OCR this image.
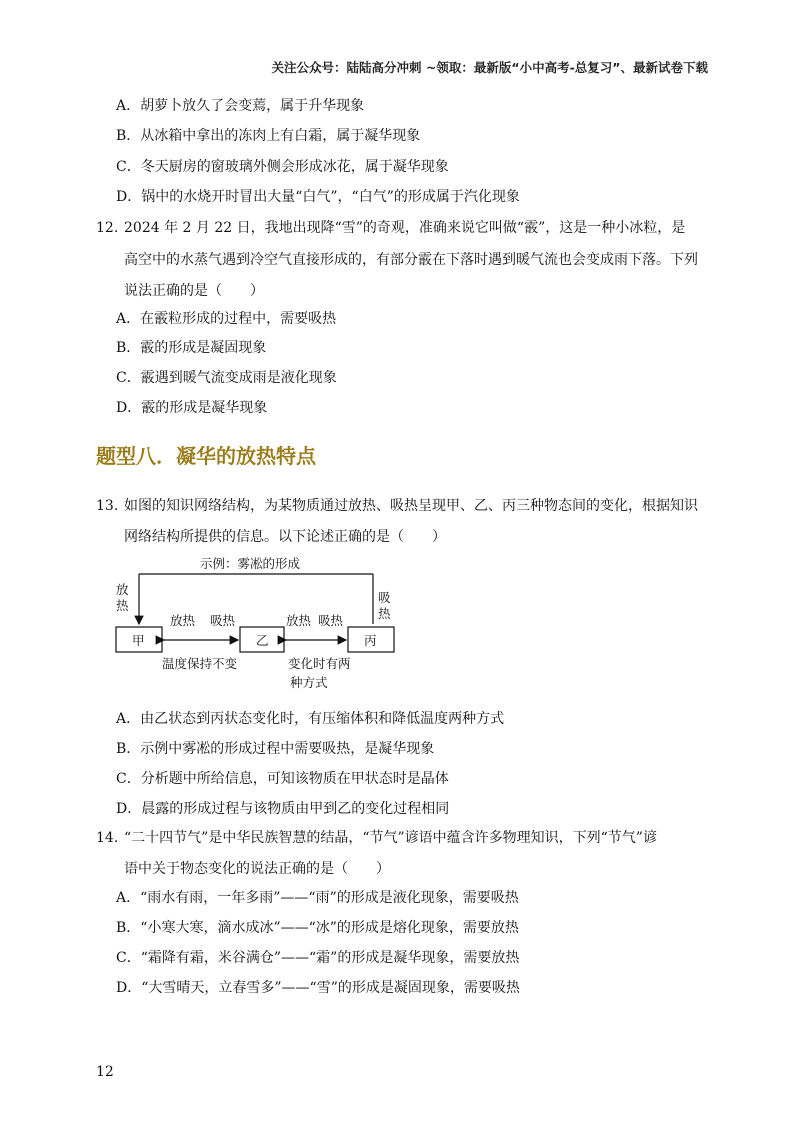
关注公众号：陆陆高分冲刺 ~领取：最新版“小中高考-总复习”、最新试卷下载
A．胡萝卜放久了会变蔫，属于升华现象
B．从冰箱中拿出的冻肉上有白霜，属于凝华现象
C．冬天厨房的窗玻璃外侧会形成冰花，属于凝华现象
D．锅中的水烧开时冒出大量“白气”，“白气”的形成属于汽化现象
12. 2024 年 2 月 22 日，我地出现降“雪”的奇观，准确来说它叫做“霰”，这是一种小冰粒，是
高空中的水蒸气遇到冷空气直接形成的，有部分霰在下落时遇到暖气流也会变成雨下落。下列
说法正确的是（　　）
A．在霰粒形成的过程中，需要吸热
B．霰的形成是凝固现象
C．霰遇到暖气流变成雨是液化现象
D．霰的形成是凝华现象
题型八．凝华的放热特点
13. 如图的知识网络结构，为某物质通过放热、吸热呈现甲、乙、丙三种物态间的变化，根据知识
网络结构所提供的信息。以下论述正确的是（　　）
示例：雾凇的形成
放
热
吸
热
甲	乙	丙
放热 吸热	放热 吸热
温度保持不变	变化时有两
种方式
A．由乙状态到丙状态变化时，有压缩体积和降低温度两种方式
B．示例中雾凇的形成过程中需要吸热，是凝华现象
C．分析题中所给信息，可知该物质在甲状态时是晶体
D．晨露的形成过程与该物质由甲到乙的变化过程相同
14. “二十四节气”是中华民族智慧的结晶，“节气”谚语中蕴含许多物理知识，下列“节气”谚
语中关于物态变化的说法正确的是（　　）
A．“雨水有雨，一年多雨”——“雨”的形成是液化现象，需要吸热
B．“小寒大寒，滴水成冰”——“冰”的形成是熔化现象，需要放热
C．“霜降有霜，米谷满仓”——“霜”的形成是凝华现象，需要放热
D．“大雪晴天，立春雪多”——“雪”的形成是凝固现象，需要吸热
12
